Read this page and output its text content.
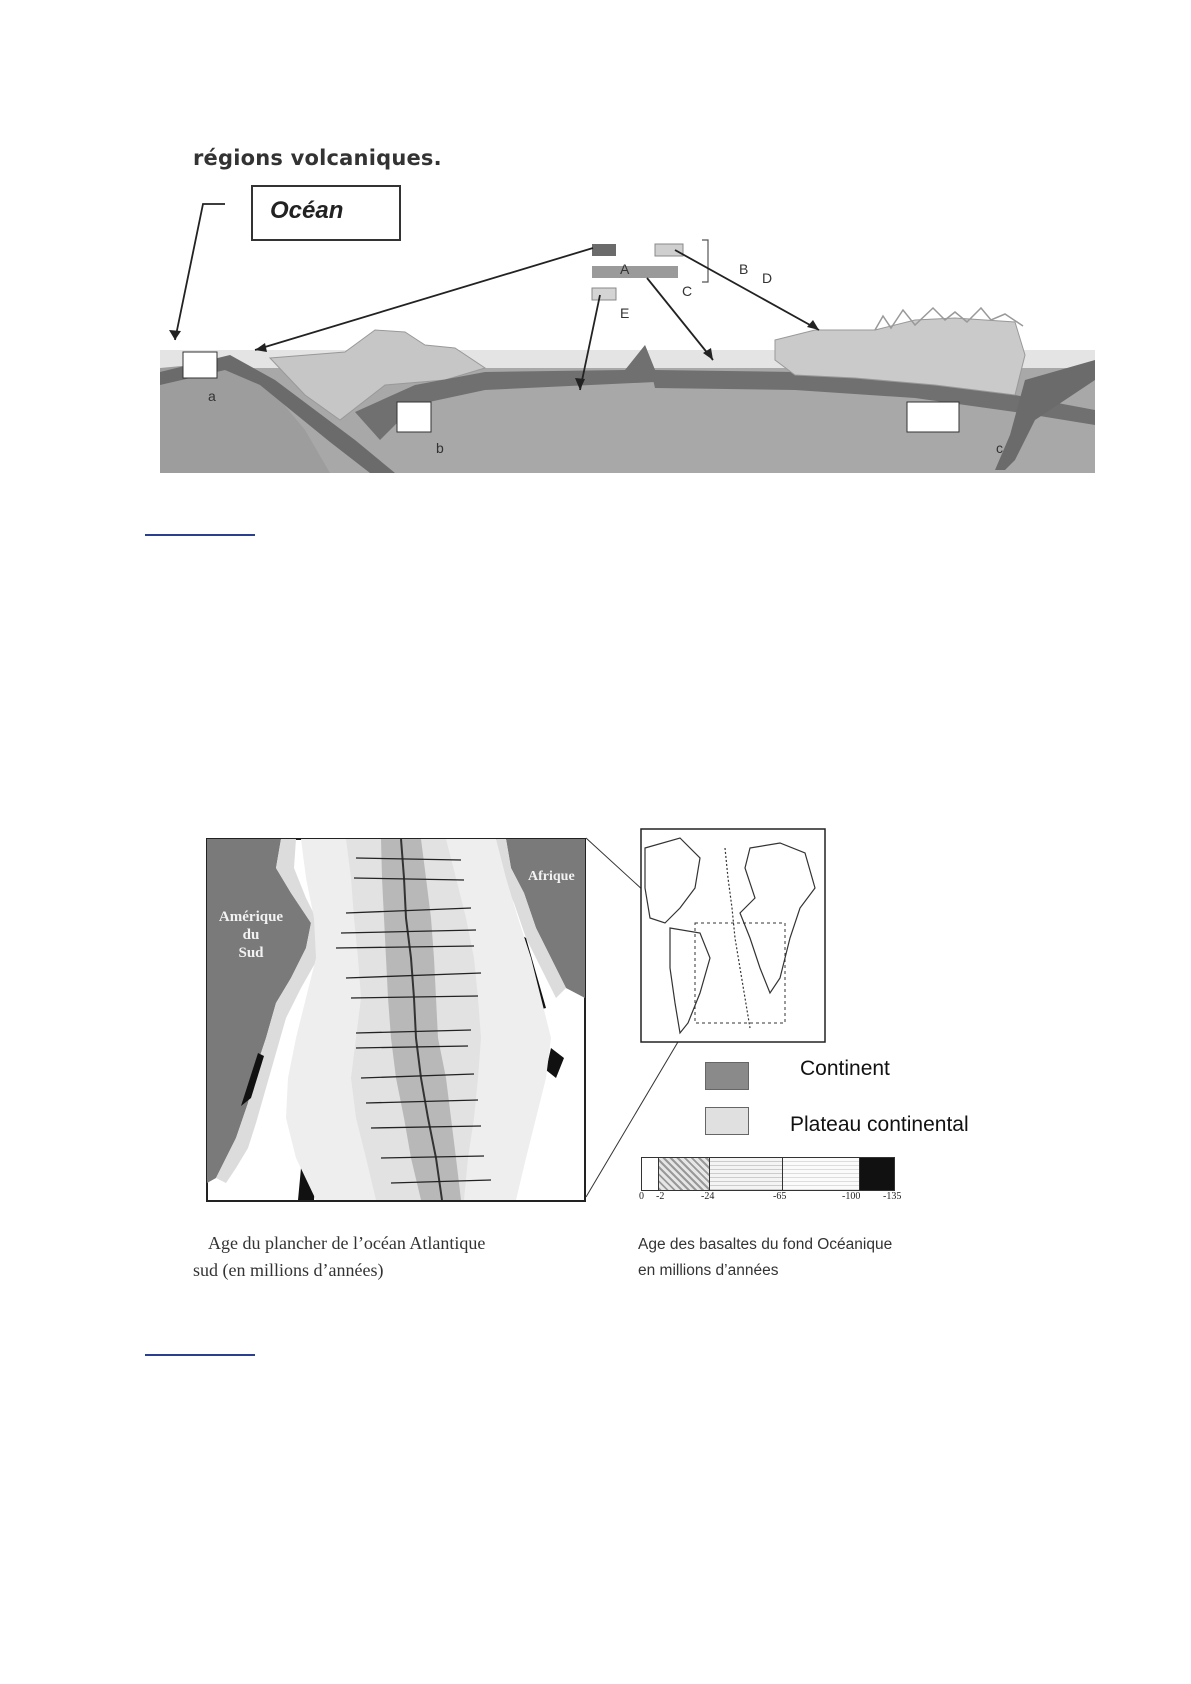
régions volcaniques.
Océan
A	B
D
C
E
a
b	c
Amérique
du
Sud
Afrique
Continent
Plateau continental
0 -2	-24	-65	-100 -135
Age du plancher de l’océan Atlantique
sud (en millions d’années)
Age des basaltes du fond Océanique
en millions d’années
